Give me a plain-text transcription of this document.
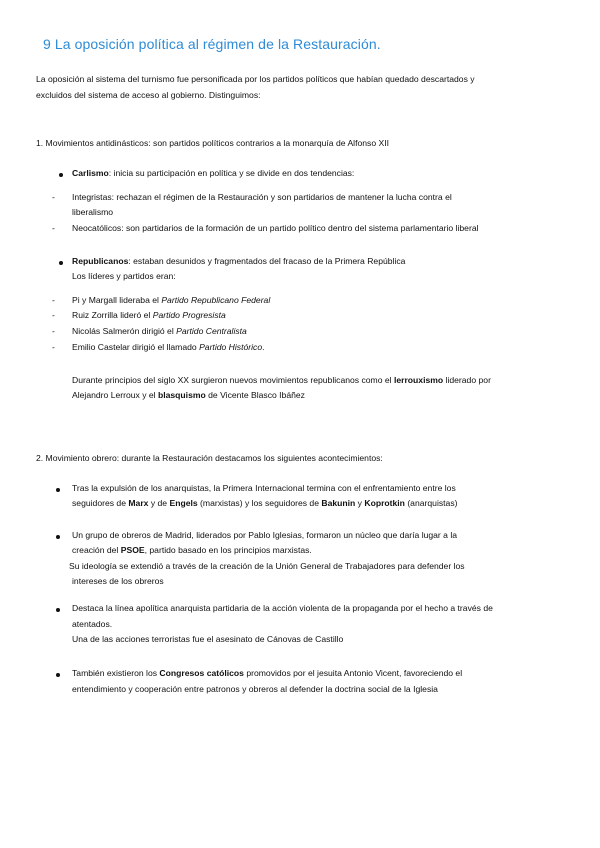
9 La oposición política al régimen de la Restauración.

La oposición al sistema del turnismo fue personificada por los partidos políticos que habían quedado descartados y

excluidos del sistema de acceso al gobierno. Distinguimos:

1. Movimientos antidinásticos: son partidos políticos contrarios a la monarquía de Alfonso XII

Carlismo: inicia su participación en política y se divide en dos tendencias:

- Integristas: rechazan el régimen de la Restauración y son partidarios de mantener la lucha contra el

liberalismo

- Neocatólicos: son partidarios de la formación de un partido político dentro del sistema parlamentario liberal

Republicanos: estaban desunidos y fragmentados del fracaso de la Primera República

Los líderes y partidos eran:

- Pi y Margall lideraba el Partido Republicano Federal

- Ruiz Zorrilla lideró el Partido Progresista

- Nicolás Salmerón dirigió el Partido Centralista

- Emilio Castelar dirigió el llamado Partido Histórico.

Durante principios del siglo XX surgieron nuevos movimientos republicanos como el lerrouxismo liderado por

Alejandro Lerroux y el blasquismo de Vicente Blasco Ibáñez

2. Movimiento obrero: durante la Restauración destacamos los siguientes acontecimientos:

Tras la expulsión de los anarquistas, la Primera Internacional termina con el enfrentamiento entre los

seguidores de Marx y de Engels (marxistas) y los seguidores de Bakunin y Koprotkin (anarquistas)

Un grupo de obreros de Madrid, liderados por Pablo Iglesias, formaron un núcleo que daría lugar a la

creación del PSOE, partido basado en los principios marxistas.

Su ideología se extendió a través de la creación de la Unión General de Trabajadores para defender los

intereses de los obreros

Destaca la línea apolítica anarquista partidaria de la acción violenta de la propaganda por el hecho a través de

atentados.

Una de las acciones terroristas fue el asesinato de Cánovas de Castillo

También existieron los Congresos católicos promovidos por el jesuita Antonio Vicent, favoreciendo el

entendimiento y cooperación entre patronos y obreros al defender la doctrina social de la Iglesia
